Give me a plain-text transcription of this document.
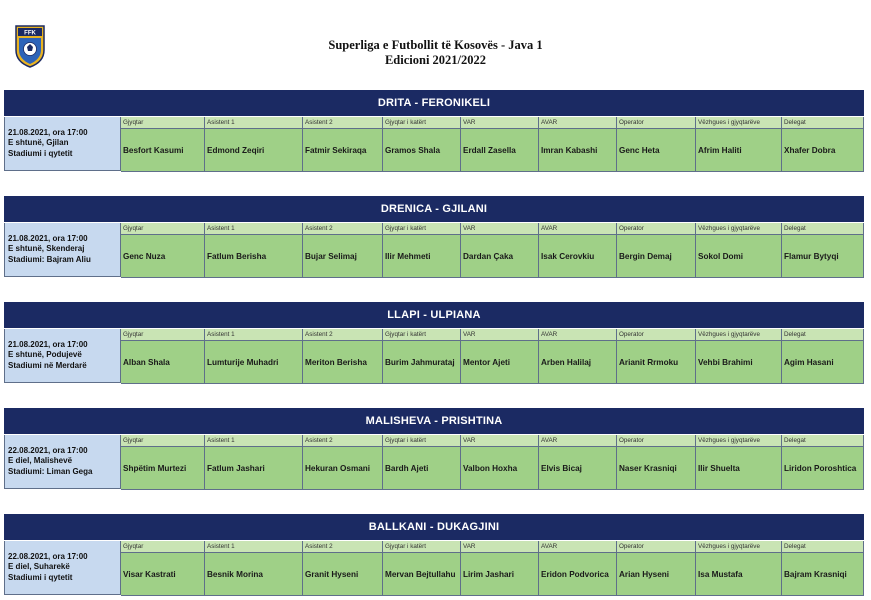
FFK
Superliga e Futbollit të Kosovës - Java 1
Edicioni 2021/2022
DRITA - FERONIKELI
21.08.2021, ora 17:00
E shtunë, Gjilan
Stadiumi i qytetit
Gjyqtar
Besfort Kasumi
Asistent 1
Edmond Zeqiri
Asistent 2
Fatmir Sekiraqa
Gjyqtar i katërt
Gramos Shala
VAR
Erdall Zasella
AVAR
Imran Kabashi
Operator
Genc Heta
Vëzhgues i gjyqtarëve
Afrim Haliti
Delegat
Xhafer Dobra
DRENICA - GJILANI
21.08.2021, ora 17:00
E shtunë, Skenderaj
Stadiumi: Bajram Aliu
Gjyqtar
Genc Nuza
Asistent 1
Fatlum Berisha
Asistent 2
Bujar Selimaj
Gjyqtar i katërt
Ilir Mehmeti
VAR
Dardan Çaka
AVAR
Isak Cerovkiu
Operator
Bergin Demaj
Vëzhgues i gjyqtarëve
Sokol Domi
Delegat
Flamur Bytyqi
LLAPI - ULPIANA
21.08.2021, ora 17:00
E shtunë, Podujevë
Stadiumi në Merdarë
Gjyqtar
Alban Shala
Asistent 1
Lumturije Muhadri
Asistent 2
Meriton Berisha
Gjyqtar i katërt
Burim Jahmurataj
VAR
Mentor Ajeti
AVAR
Arben Halilaj
Operator
Arianit Rrmoku
Vëzhgues i gjyqtarëve
Vehbi Brahimi
Delegat
Agim Hasani
MALISHEVA - PRISHTINA
22.08.2021, ora 17:00
E diel, Malishevë
Stadiumi: Liman Gega
Gjyqtar
Shpëtim Murtezi
Asistent 1
Fatlum Jashari
Asistent 2
Hekuran Osmani
Gjyqtar i katërt
Bardh Ajeti
VAR
Valbon Hoxha
AVAR
Elvis Bicaj
Operator
Naser Krasniqi
Vëzhgues i gjyqtarëve
Ilir Shuelta
Delegat
Liridon Poroshtica
BALLKANI - DUKAGJINI
22.08.2021, ora 17:00
E diel, Suharekë
Stadiumi i qytetit
Gjyqtar
Visar Kastrati
Asistent 1
Besnik Morina
Asistent 2
Granit Hyseni
Gjyqtar i katërt
Mervan Bejtullahu
VAR
Lirim Jashari
AVAR
Eridon Podvorica
Operator
Arian Hyseni
Vëzhgues i gjyqtarëve
Isa Mustafa
Delegat
Bajram Krasniqi
